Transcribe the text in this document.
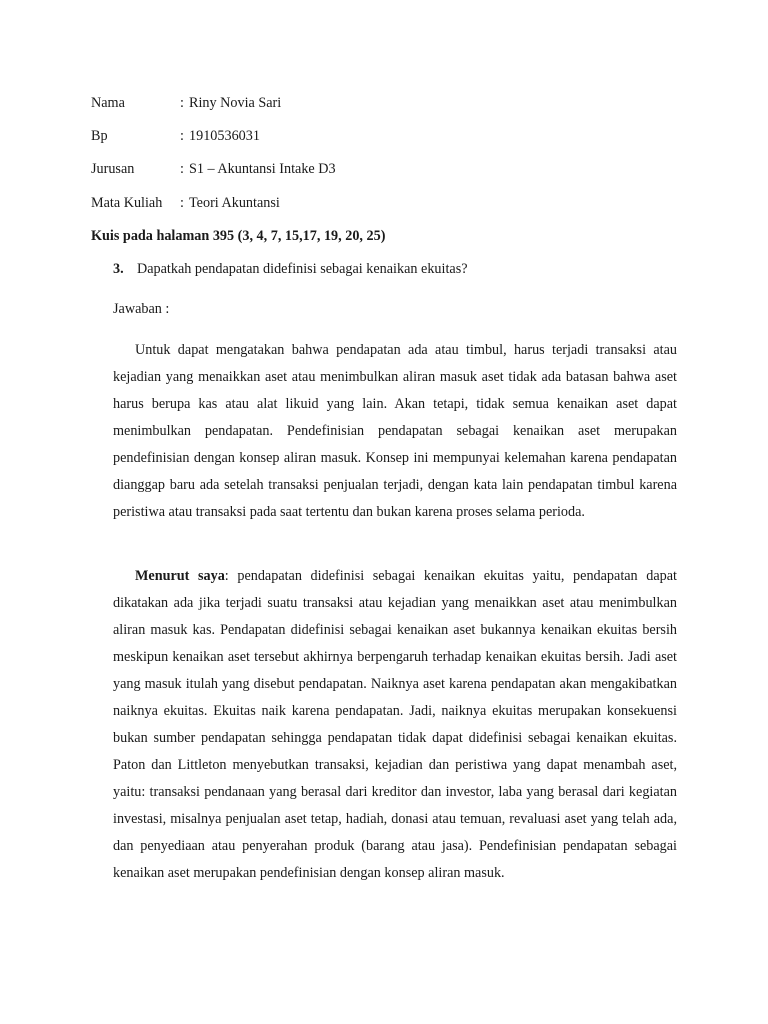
Nama	: Riny Novia Sari
Bp	: 1910536031
Jurusan	: S1 – Akuntansi Intake D3
Mata Kuliah : Teori Akuntansi
Kuis pada halaman 395 (3, 4, 7, 15,17, 19, 20, 25)
3. Dapatkah pendapatan didefinisi sebagai kenaikan ekuitas?
Jawaban :

Untuk dapat mengatakan bahwa pendapatan ada atau timbul, harus terjadi transaksi atau kejadian yang menaikkan aset atau menimbulkan aliran masuk aset tidak ada batasan bahwa aset harus berupa kas atau alat likuid yang lain. Akan tetapi, tidak semua kenaikan aset dapat menimbulkan pendapatan. Pendefinisian pendapatan sebagai kenaikan aset merupakan pendefinisian dengan konsep aliran masuk. Konsep ini mempunyai kelemahan karena pendapatan dianggap baru ada setelah transaksi penjualan terjadi, dengan kata lain pendapatan timbul karena peristiwa atau transaksi pada saat tertentu dan bukan karena proses selama perioda.

Menurut saya: pendapatan didefinisi sebagai kenaikan ekuitas yaitu, pendapatan dapat dikatakan ada jika terjadi suatu transaksi atau kejadian yang menaikkan aset atau menimbulkan aliran masuk kas. Pendapatan didefinisi sebagai kenaikan aset bukannya kenaikan ekuitas bersih meskipun kenaikan aset tersebut akhirnya berpengaruh terhadap kenaikan ekuitas bersih. Jadi aset yang masuk itulah yang disebut pendapatan. Naiknya aset karena pendapatan akan mengakibatkan naiknya ekuitas. Ekuitas naik karena pendapatan. Jadi, naiknya ekuitas merupakan konsekuensi bukan sumber pendapatan sehingga pendapatan tidak dapat didefinisi sebagai kenaikan ekuitas. Paton dan Littleton menyebutkan transaksi, kejadian dan peristiwa yang dapat menambah aset, yaitu: transaksi pendanaan yang berasal dari kreditor dan investor, laba yang berasal dari kegiatan investasi, misalnya penjualan aset tetap, hadiah, donasi atau temuan, revaluasi aset yang telah ada, dan penyediaan atau penyerahan produk (barang atau jasa). Pendefinisian pendapatan sebagai kenaikan aset merupakan pendefinisian dengan konsep aliran masuk.
